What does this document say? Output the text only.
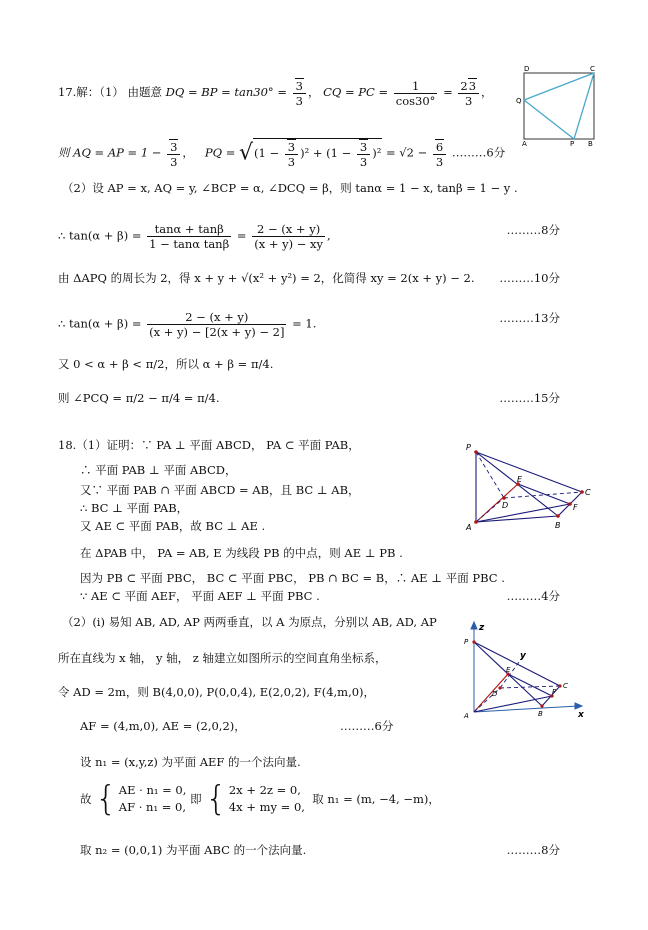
17.解：（1） 由题意 DQ = BP = $\tan 30^\circ = \frac{3}{3}$ ， CQ = PC = $\frac{1}{\cos 30^\circ} = \frac{23}{3}$ ，
则 AQ = AP = $1 - \frac{3}{3}$ ，   PQ = $√(1 - \frac{3}{3} )^2 + (1 - \frac{3}{3} )^2 = √2 - \frac{6}{3}$ ………6分
D	C
Q
A	P B
（2）设 AP = x, AQ = y, ∠BCP = α, ∠DCQ = β，则 tanα = 1 − x, tanβ = 1 − y .
∴ $\tan(\alpha + \beta) = \frac{\tan\alpha + \tan\beta}{\text{1 − tanα tanβ}} = \frac{2 - (x + y)}{(x + y) - xy}$ ,	………8分
由 ΔAPQ 的周长为 2，得 x + y + √(x² + y²) = 2，化简得 xy = 2(x + y) − 2. ………10分
∴ $\tan(\alpha + \beta) = \frac{2 - (x + y)}{(x + y) - [2(x + y) - 2]} = 1$.	………13分
又 0 < α + β < π/2，所以 α + β = π/4.
则 ∠PCQ = π/2 − π/4 = π/4.	………15分
18.（1）证明：∵ PA ⊥ 平面 ABCD， PA ⊂ 平面 PAB，
∴ 平面 PAB ⊥ 平面 ABCD，
又∵ 平面 PAB ∩ 平面 ABCD = AB，且 BC ⊥ AB，
∴ BC ⊥ 平面 PAB，
又 AE ⊂ 平面 PAB，故 BC ⊥ AE .
在 ΔPAB 中， PA = AB, E 为线段 PB 的中点，则 AE ⊥ PB .
因为 PB ⊂ 平面 PBC， BC ⊂ 平面 PBC， PB ∩ BC = B，∴ AE ⊥ 平面 PBC .
∵ AE ⊂ 平面 AEF， 平面 AEF ⊥ 平面 PBC .	………4分
P
A	B
C
D
E
F
（2）(i) 易知 AB, AD, AP 两两垂直，以 A 为原点，分别以 AB, AD, AP
所在直线为 x 轴， y 轴， z 轴建立如图所示的空间直角坐标系，
令 AD = 2m，则 B(4,0,0), P(0,0,4), E(2,0,2), F(4,m,0)，
AF = (4,m,0), AE = (2,0,2)，	………6分
设 n₁ = (x,y,z) 为平面 AEF 的一个法向量.
故 { AE · n₁ = 0,
AF · n₁ = 0, 即 { 2x + 2z = 0,
4x + my = 0,  取 n₁ = (m, −4, −m)，
取 n₂ = (0,0,1) 为平面 ABC 的一个法向量.	………8分
z
y
x
P
A	B
C
D
E
F
